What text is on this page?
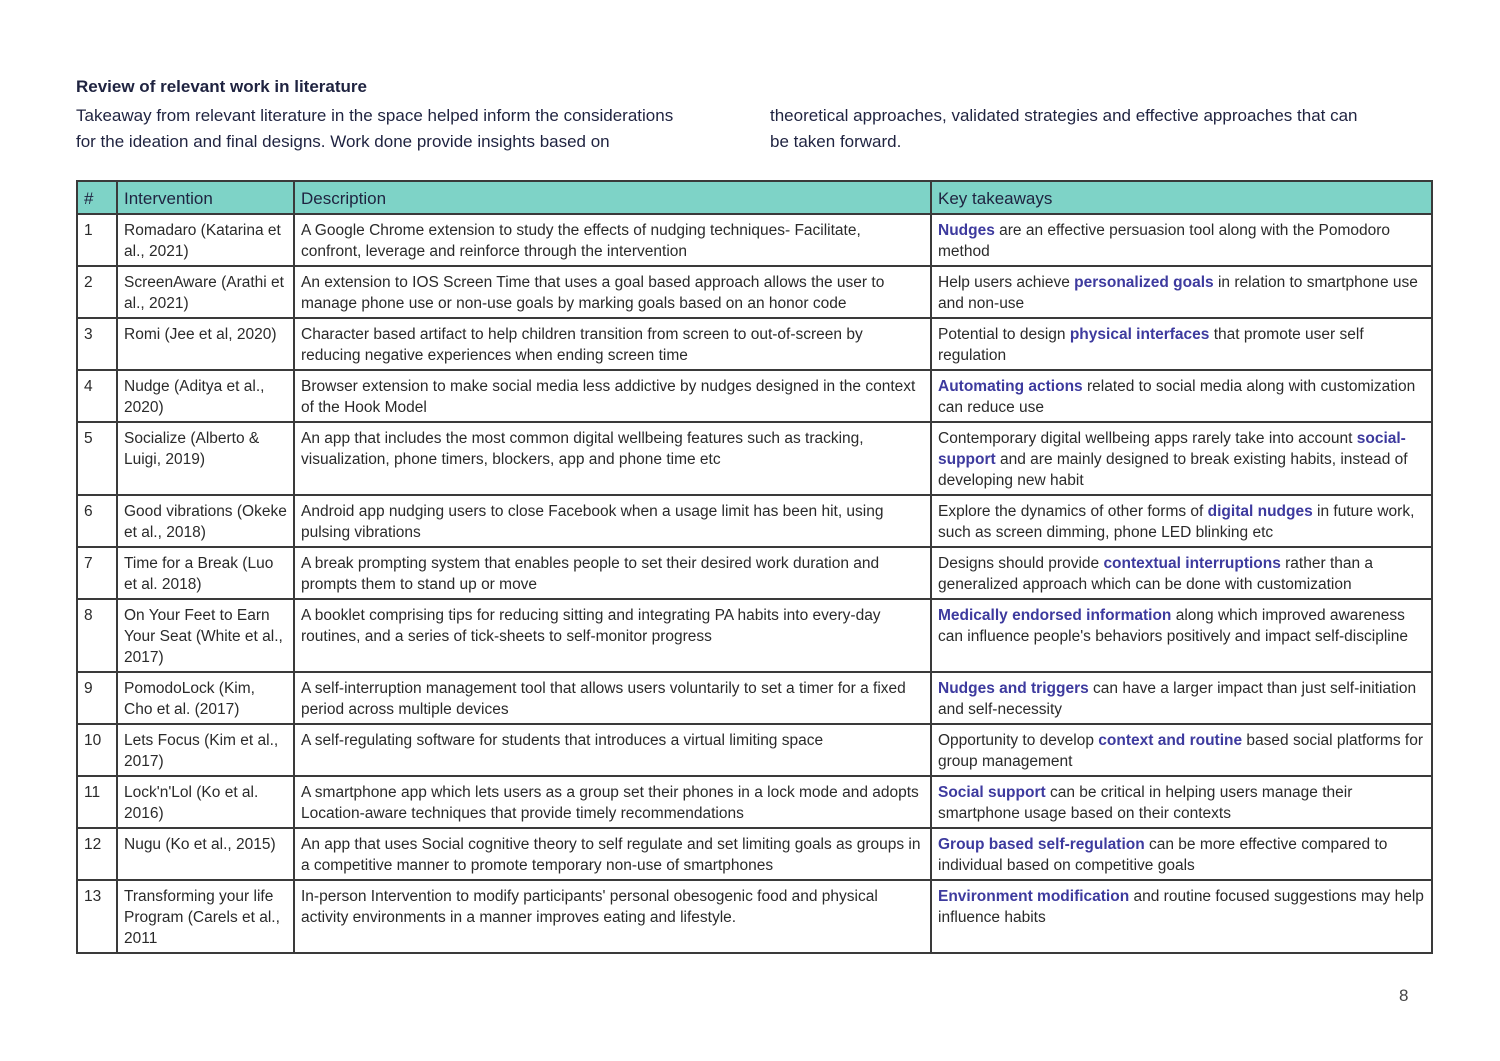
Review of relevant work in literature
Takeaway from relevant literature in the space helped inform the considerations
for the ideation and final designs. Work done provide insights based on
theoretical approaches, validated strategies and effective approaches that can
be taken forward.
#	Intervention	Description	Key takeaways
1	Romadaro (Katarina et al., 2021)	A Google Chrome extension to study the effects of nudging techniques- Facilitate, confront, leverage and reinforce through the intervention	Nudges are an effective persuasion tool along with the Pomodoro method
2	ScreenAware (Arathi et al., 2021)	An extension to IOS Screen Time that uses a goal based approach allows the user to manage phone use or non-use goals by marking goals based on an honor code	Help users achieve personalized goals in relation to smartphone use and non-use
3	Romi (Jee et al, 2020)	Character based artifact to help children transition from screen to out-of-screen by reducing negative experiences when ending screen time	Potential to design physical interfaces that promote user self regulation
4	Nudge (Aditya et al., 2020)	Browser extension to make social media less addictive by nudges designed in the context of the Hook Model	Automating actions related to social media along with customization can reduce use
5	Socialize (Alberto & Luigi, 2019)	An app that includes the most common digital wellbeing features such as tracking, visualization, phone timers, blockers, app and phone time etc	Contemporary digital wellbeing apps rarely take into account social-support and are mainly designed to break existing habits, instead of developing new habit
6	Good vibrations (Okeke et al., 2018)	Android app nudging users to close Facebook when a usage limit has been hit, using pulsing vibrations	Explore the dynamics of other forms of digital nudges in future work, such as screen dimming, phone LED blinking etc
7	Time for a Break (Luo et al. 2018)	A break prompting system that enables people to set their desired work duration and prompts them to stand up or move	Designs should provide contextual interruptions rather than a generalized approach which can be done with customization
8	On Your Feet to Earn Your Seat (White et al., 2017)	A booklet comprising tips for reducing sitting and integrating PA habits into every-day routines, and a series of tick-sheets to self-monitor progress	Medically endorsed information along which improved awareness can influence people's behaviors positively and impact self-discipline
9	PomodoLock (Kim, Cho et al. (2017)	A self-interruption management tool that allows users voluntarily to set a timer for a fixed period across multiple devices	Nudges and triggers can have a larger impact than just self-initiation and self-necessity
10	Lets Focus (Kim et al., 2017)	A self-regulating software for students that introduces a virtual limiting space	Opportunity to develop context and routine based social platforms for group management
11	Lock'n'Lol (Ko et al. 2016)	A smartphone app which lets users as a group set their phones in a lock mode and adopts Location-aware techniques that provide timely recommendations	Social support can be critical in helping users manage their smartphone usage based on their contexts
12	Nugu (Ko et al., 2015)	An app that uses Social cognitive theory to self regulate and set limiting goals as groups in a competitive manner to promote temporary non-use of smartphones	Group based self-regulation can be more effective compared to individual based on competitive goals
13	Transforming your life Program (Carels et al., 2011	In-person Intervention to modify participants' personal obesogenic food and physical activity environments in a manner improves eating and lifestyle.	Environment modification and routine focused suggestions may help influence habits
8
